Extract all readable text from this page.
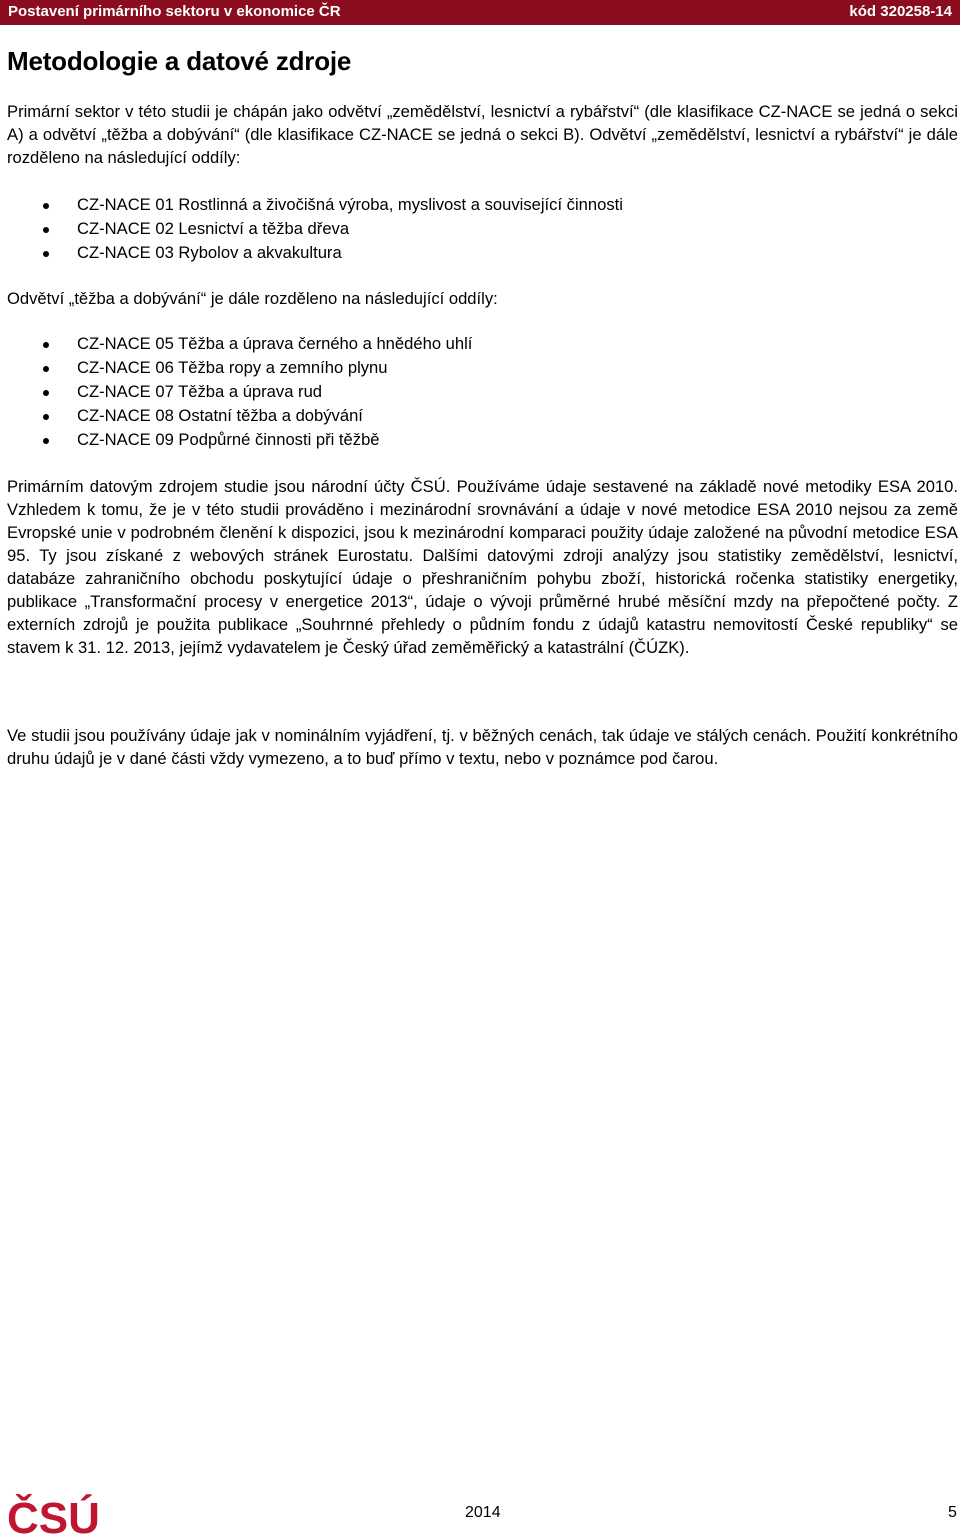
Postavení primárního sektoru v ekonomice ČR	kód 320258-14
Metodologie a datové zdroje

Primární sektor v této studii je chápán jako odvětví „zemědělství, lesnictví a rybářství“ (dle klasifikace CZ-NACE se jedná o sekci A) a odvětví „těžba a dobývání“ (dle klasifikace CZ-NACE se jedná o sekci B). Odvětví „zemědělství, lesnictví a rybářství“ je dále rozděleno na následující oddíly:

CZ-NACE 01 Rostlinná a živočišná výroba, myslivost a související činnosti
CZ-NACE 02 Lesnictví a těžba dřeva
CZ-NACE 03 Rybolov a akvakultura

Odvětví „těžba a dobývání“ je dále rozděleno na následující oddíly:

CZ-NACE 05 Těžba a úprava černého a hnědého uhlí
CZ-NACE 06 Těžba ropy a zemního plynu
CZ-NACE 07 Těžba a úprava rud
CZ-NACE 08 Ostatní těžba a dobývání
CZ-NACE 09 Podpůrné činnosti při těžbě

Primárním datovým zdrojem studie jsou národní účty ČSÚ. Používáme údaje sestavené na základě nové metodiky ESA 2010. Vzhledem k tomu, že je v této studii prováděno i mezinárodní srovnávání a údaje v nové metodice ESA 2010 nejsou za země Evropské unie v podrobném členění k dispozici, jsou k mezinárodní komparaci použity údaje založené na původní metodice ESA 95. Ty jsou získané z webových stránek Eurostatu. Dalšími datovými zdroji analýzy jsou statistiky zemědělství, lesnictví, databáze zahraničního obchodu poskytující údaje o přeshraničním pohybu zboží, historická ročenka statistiky energetiky, publikace „Transformační procesy v energetice 2013“, údaje o vývoji průměrné hrubé měsíční mzdy na přepočtené počty. Z externích zdrojů je použita publikace „Souhrnné přehledy o půdním fondu z údajů katastru nemovitostí České republiky“ se stavem k 31. 12. 2013, jejímž vydavatelem je Český úřad zeměměřický a katastrální (ČÚZK).

Ve studii jsou používány údaje jak v nominálním vyjádření, tj. v běžných cenách, tak údaje ve stálých cenách. Použití konkrétního druhu údajů je v dané části vždy vymezeno, a to buď přímo v textu, nebo v poznámce pod čarou.

ČSÚ	2014	5
